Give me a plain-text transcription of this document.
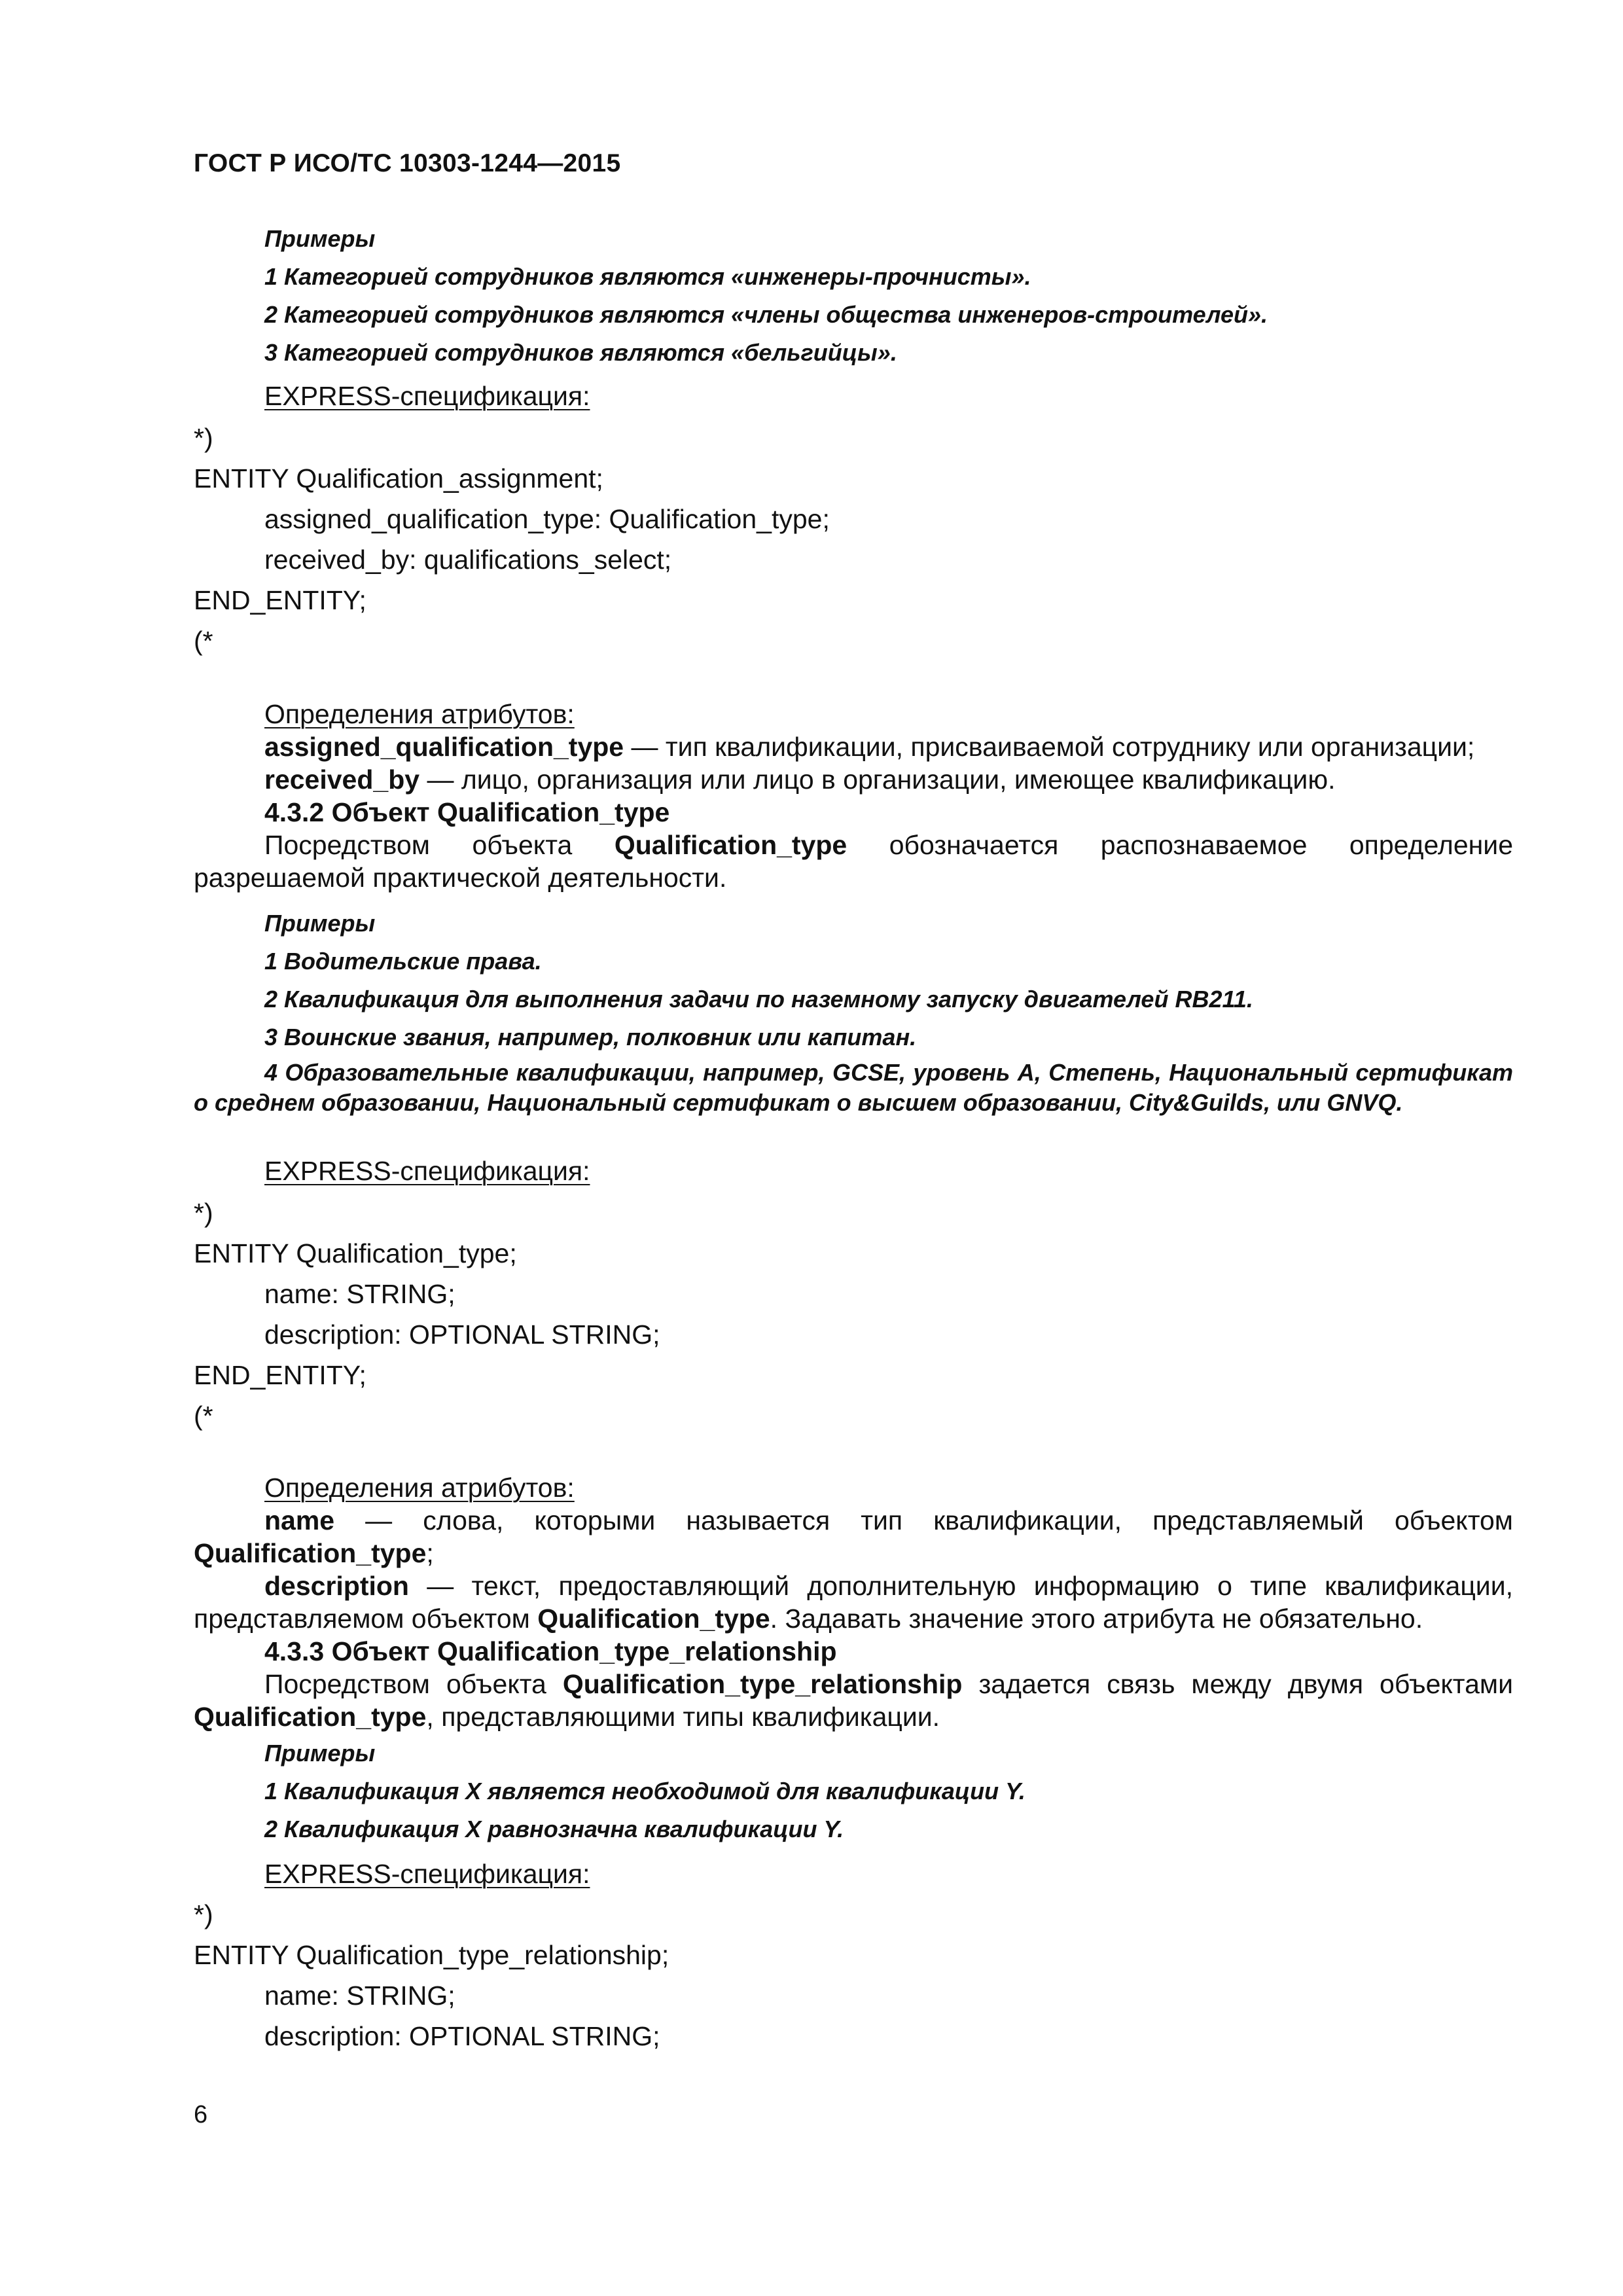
ГОСТ Р ИСО/ТС 10303-1244—2015
Примеры
1 Категорией сотрудников являются «инженеры-прочнисты».
2 Категорией сотрудников являются «члены общества инженеров-строителей».
3 Категорией сотрудников являются «бельгийцы».
EXPRESS-спецификация:
*)
ENTITY Qualification_assignment;
assigned_qualification_type: Qualification_type;
received_by: qualifications_select;
END_ENTITY;
(*
Определения атрибутов:
assigned_qualification_type — тип квалификации, присваиваемой сотруднику или организации;
received_by — лицо, организация или лицо в организации, имеющее квалификацию.
4.3.2 Объект Qualification_type

Посредством объекта Qualification_type обозначается распознаваемое определение разрешаемой практической деятельности.

Примеры
1 Водительские права.
2 Квалификация для выполнения задачи по наземному запуску двигателей RB211.
3 Воинские звания, например, полковник или капитан.

4 Образовательные квалификации, например, GCSE, уровень А, Степень, Национальный сертификат о среднем образовании, Национальный сертификат о высшем образовании, City&Guilds, или GNVQ.

EXPRESS-спецификация:
*)
ENTITY Qualification_type;
name: STRING;
description: OPTIONAL STRING;
END_ENTITY;
(*
Определения атрибутов:

name — слова, которыми называется тип квалификации, представляемый объектом Qualification_type;

description — текст, предоставляющий дополнительную информацию о типе квалификации, представляемом объектом Qualification_type. Задавать значение этого атрибута не обязательно.

4.3.3 Объект Qualification_type_relationship

Посредством объекта Qualification_type_relationship задается связь между двумя объектами Qualification_type, представляющими типы квалификации.

Примеры
1 Квалификация X является необходимой для квалификации Y.
2 Квалификация X равнозначна квалификации Y.
EXPRESS-спецификация:
*)
ENTITY Qualification_type_relationship;
name: STRING;
description: OPTIONAL STRING;
6
